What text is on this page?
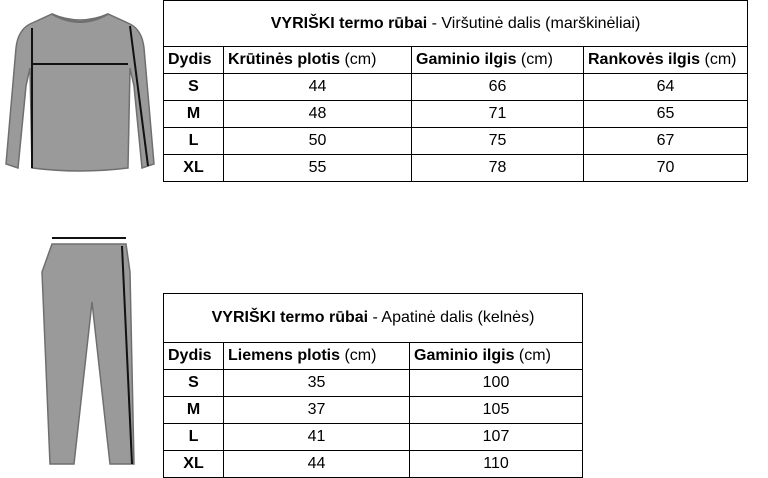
VYRIŠKI termo rūbai - Viršutinė dalis (marškinėliai)			
Dydis	Krūtinės plotis (cm)	Gaminio ilgis (cm)	Rankovės ilgis (cm)
S	44	66	64
M	48	71	65
L	50	75	67
XL	55	78	70
VYRIŠKI termo rūbai - Apatinė dalis (kelnės)		
Dydis	Liemens plotis (cm)	Gaminio ilgis (cm)
S	35	100
M	37	105
L	41	107
XL	44	110
